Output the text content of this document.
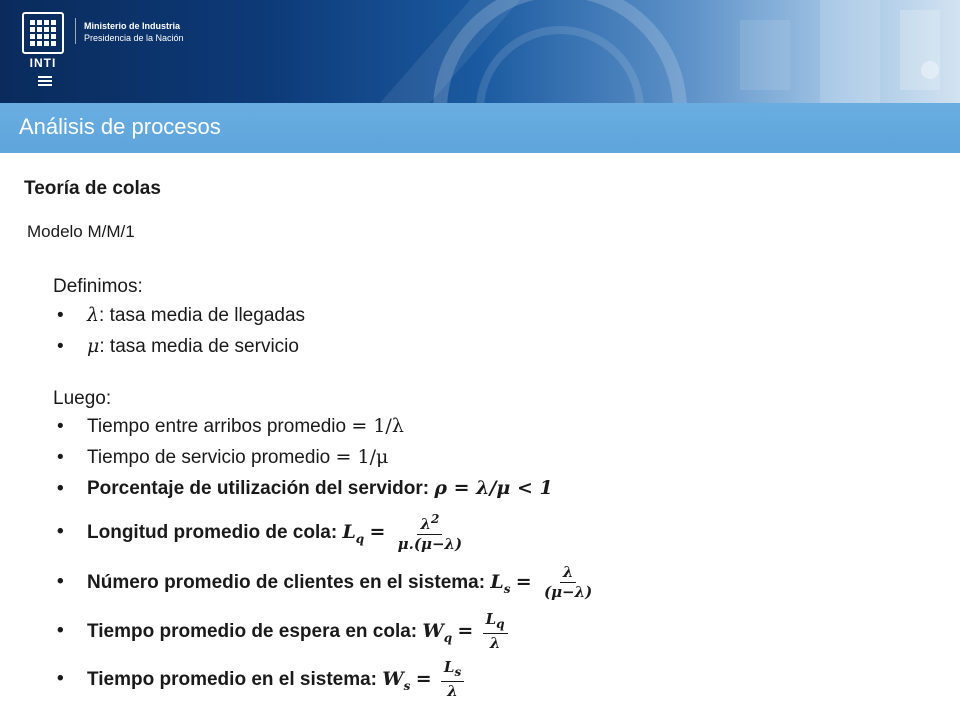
INTI
Ministerio de Industria
Presidencia de la Nación
Análisis de procesos
Teoría de colas
Modelo M/M/1
Definimos:
• λ: tasa media de llegadas
• μ: tasa media de servicio
Luego:
• Tiempo entre arribos promedio = 1/λ
• Tiempo de servicio promedio = 1/μ
• Porcentaje de utilización del servidor: ρ = λ/μ < 1
• Longitud promedio de cola: $L_q = \frac{\lambda^2}{\mu.(\mu-\lambda)}$
• Número promedio de clientes en el sistema: $L_s = \frac{\lambda}{(\mu-\lambda)}$
• Tiempo promedio de espera en cola: $W_q = \frac{L_q}{\lambda}$
• Tiempo promedio en el sistema: $W_s = \frac{L_s}{\lambda}$
